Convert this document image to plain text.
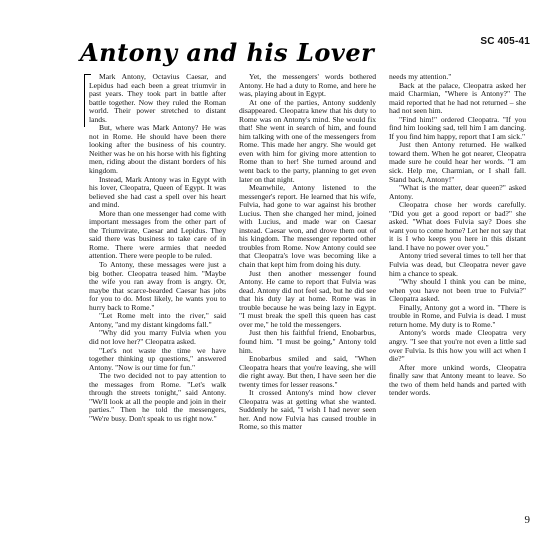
SC 405-41
Antony and his Lover

Mark Antony, Octavius Caesar, and Lepidus had each been a great triumvir in past years. They took part in battle after battle together. Now they ruled the Roman world. Their power stretched to distant lands.

But, where was Mark Antony? He was not in Rome. He should have been there looking after the business of his country. Neither was he on his horse with his fighting men, riding about the distant borders of his kingdom.

Instead, Mark Antony was in Egypt with his lover, Cleopatra, Queen of Egypt. It was believed she had cast a spell over his heart and mind.

More than one messenger had come with important messages from the other part of the Triumvirate, Caesar and Lepidus. They said there was business to take care of in Rome. There were armies that needed attention. There were people to be ruled.

To Antony, these messages were just a big bother. Cleopatra teased him. "Maybe the wife you ran away from is angry. Or, maybe that scarce-bearded Caesar has jobs for you to do. Most likely, he wants you to hurry back to Rome."

"Let Rome melt into the river," said Antony, "and my distant kingdoms fall."

"Why did you marry Fulvia when you did not love her?" Cleopatra asked.

"Let's not waste the time we have together thinking up questions," answered Antony. "Now is our time for fun."

The two decided not to pay attention to the messages from Rome. "Let's walk through the streets tonight," said Antony. "We'll look at all the people and join in their parties." Then he told the messengers, "We're busy. Don't speak to us right now."

Yet, the messengers' words bothered Antony. He had a duty to Rome, and here he was, playing about in Egypt.

At one of the parties, Antony suddenly disappeared. Cleopatra knew that his duty to Rome was on Antony's mind. She would fix that! She went in search of him, and found him talking with one of the messengers from Rome. This made her angry. She would get even with him for giving more attention to Rome than to her! She turned around and went back to the party, planning to get even later on that night.

Meanwhile, Antony listened to the messenger's report. He learned that his wife, Fulvia, had gone to war against his brother Lucius. Then she changed her mind, joined with Lucius, and made war on Caesar instead. Caesar won, and drove them out of his kingdom. The messenger reported other troubles from Rome. Now Antony could see that Cleopatra's love was becoming like a chain that kept him from doing his duty.

Just then another messenger found Antony. He came to report that Fulvia was dead. Antony did not feel sad, but he did see that his duty lay at home. Rome was in trouble because he was being lazy in Egypt. "I must break the spell this queen has cast over me," he told the messengers.

Just then his faithful friend, Enobarbus, found him. "I must be going," Antony told him.

Enobarbus smiled and said, "When Cleopatra hears that you're leaving, she will die right away. But then, I have seen her die twenty times for lesser reasons."

It crossed Antony's mind how clever Cleopatra was at getting what she wanted. Suddenly he said, "I wish I had never seen her. And now Fulvia has caused trouble in Rome, so this matter

needs my attention."

Back at the palace, Cleopatra asked her maid Charmian, "Where is Antony?" The maid reported that he had not returned – she had not seen him.

"Find him!" ordered Cleopatra. "If you find him looking sad, tell him I am dancing. If you find him happy, report that I am sick."

Just then Antony returned. He walked toward them. When he got nearer, Cleopatra made sure he could hear her words. "I am sick. Help me, Charmian, or I shall fall. Stand back, Antony!"

"What is the matter, dear queen?" asked Antony.

Cleopatra chose her words carefully. "Did you get a good report or bad?" she asked. "What does Fulvia say? Does she want you to come home? Let her not say that it is I who keeps you here in this distant land. I have no power over you."

Antony tried several times to tell her that Fulvia was dead, but Cleopatra never gave him a chance to speak.

"Why should I think you can be mine, when you have not been true to Fulvia?" Cleopatra asked.

Finally, Antony got a word in. "There is trouble in Rome, and Fulvia is dead. I must return home. My duty is to Rome."

Antony's words made Cleopatra very angry. "I see that you're not even a little sad over Fulvia. Is this how you will act when I die?"

After more unkind words, Cleopatra finally saw that Antony meant to leave. So the two of them held hands and parted with tender words.

9
